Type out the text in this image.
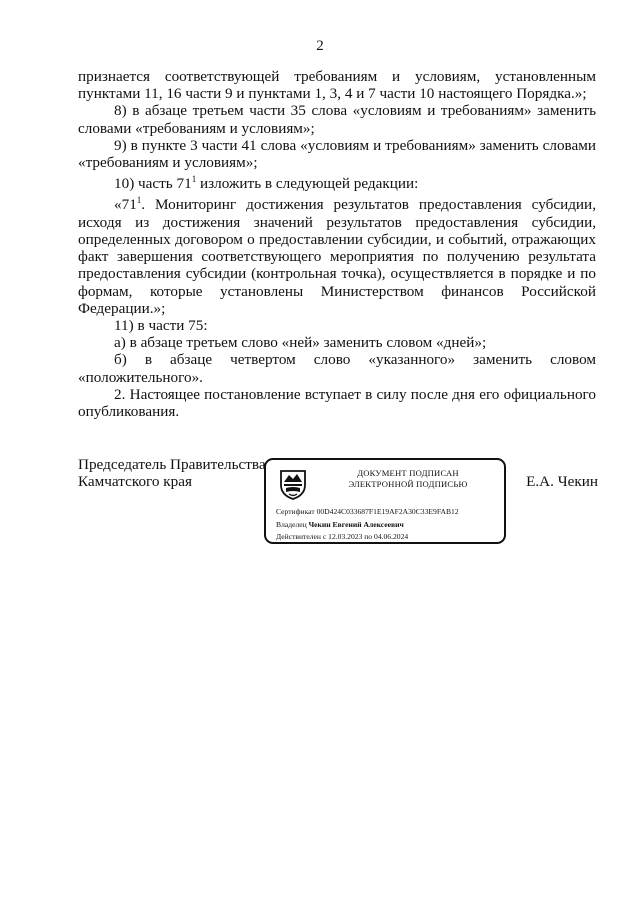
2

признается соответствующей требованиям и условиям, установленным пунктами 11, 16 части 9 и пунктами 1, 3, 4 и 7 части 10 настоящего Порядка.»;

8) в абзаце третьем части 35 слова «условиям и требованиям» заменить словами «требованиям и условиям»;

9) в пункте 3 части 41 слова «условиям и требованиям» заменить словами «требованиям и условиям»;

10) часть $71^1$ изложить в следующей редакции:

«$71^1$. Мониторинг достижения результатов предоставления субсидии, исходя из достижения значений результатов предоставления субсидии, определенных договором о предоставлении субсидии, и событий, отражающих факт завершения соответствующего мероприятия по получению результата предоставления субсидии (контрольная точка), осуществляется в порядке и по формам, которые установлены Министерством финансов Российской Федерации.»;

11) в части 75:

а) в абзаце третьем слово «ней» заменить словом «дней»;

б) в абзаце четвертом слово «указанного» заменить словом «положительного».

2. Настоящее постановление вступает в силу после дня его официального опубликования.

Председатель Правительства
Камчатского края
ДОКУМЕНТ ПОДПИСАН
ЭЛЕКТРОННОЙ ПОДПИСЬЮ
Сертификат 00D424C033687F1E19AF2A30C33E9FAB12
Владелец Чекин Евгений Алексеевич
Действителен с 12.03.2023 по 04.06.2024
Е.А. Чекин
